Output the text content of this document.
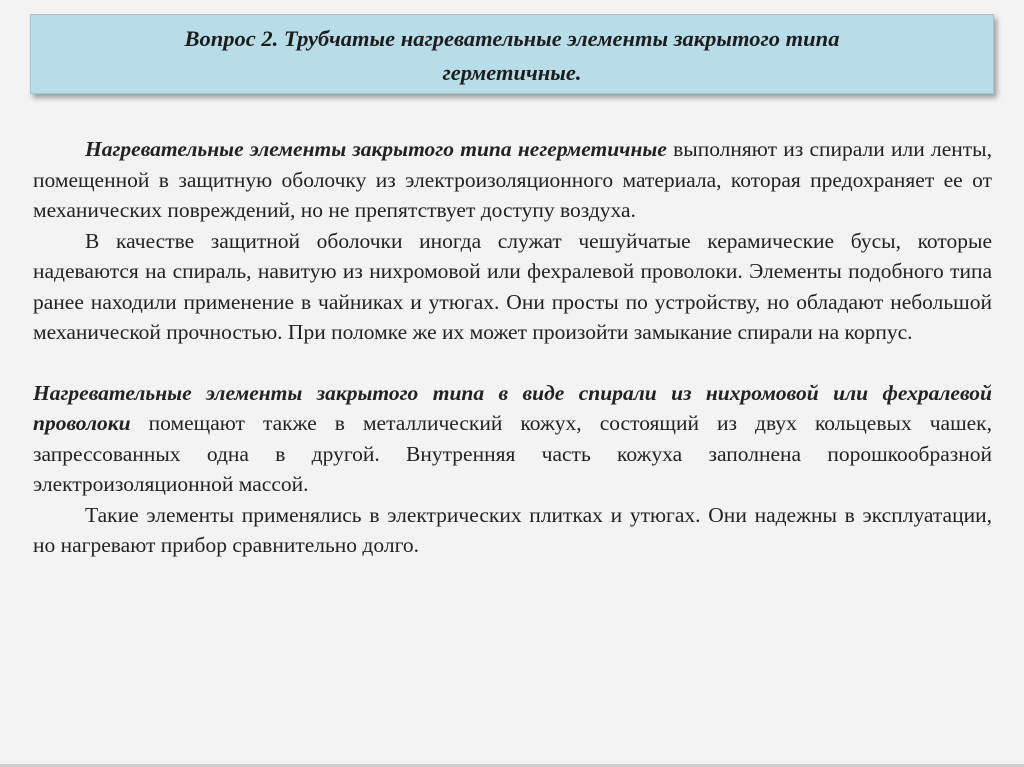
Вопрос 2. Трубчатые нагревательные элементы закрытого типа
герметичные.

Нагревательные элементы закрытого типа негерметичные выполняют из спирали или ленты, помещенной в защитную оболочку из электроизоляционного материала, которая предохраняет ее от механических повреждений, но не препятствует доступу воздуха.

В качестве защитной оболочки иногда служат чешуйчатые керамические бусы, которые надеваются на спираль, навитую из нихромовой или фехралевой проволоки. Элементы подобного типа ранее находили применение в чайниках и утюгах. Они просты по устройству, но обладают небольшой механической прочностью. При поломке же их может произойти замыкание спирали на корпус.

Нагревательные элементы закрытого типа в виде спирали из нихромовой или фехралевой проволоки помещают также в металлический кожух, состоящий из двух кольцевых чашек, запрессованных одна в другой. Внутренняя часть кожуха заполнена порошкообразной электроизоляционной массой.

Такие элементы применялись в электрических плитках и утюгах. Они надежны в эксплуатации, но нагревают прибор сравнительно долго.
